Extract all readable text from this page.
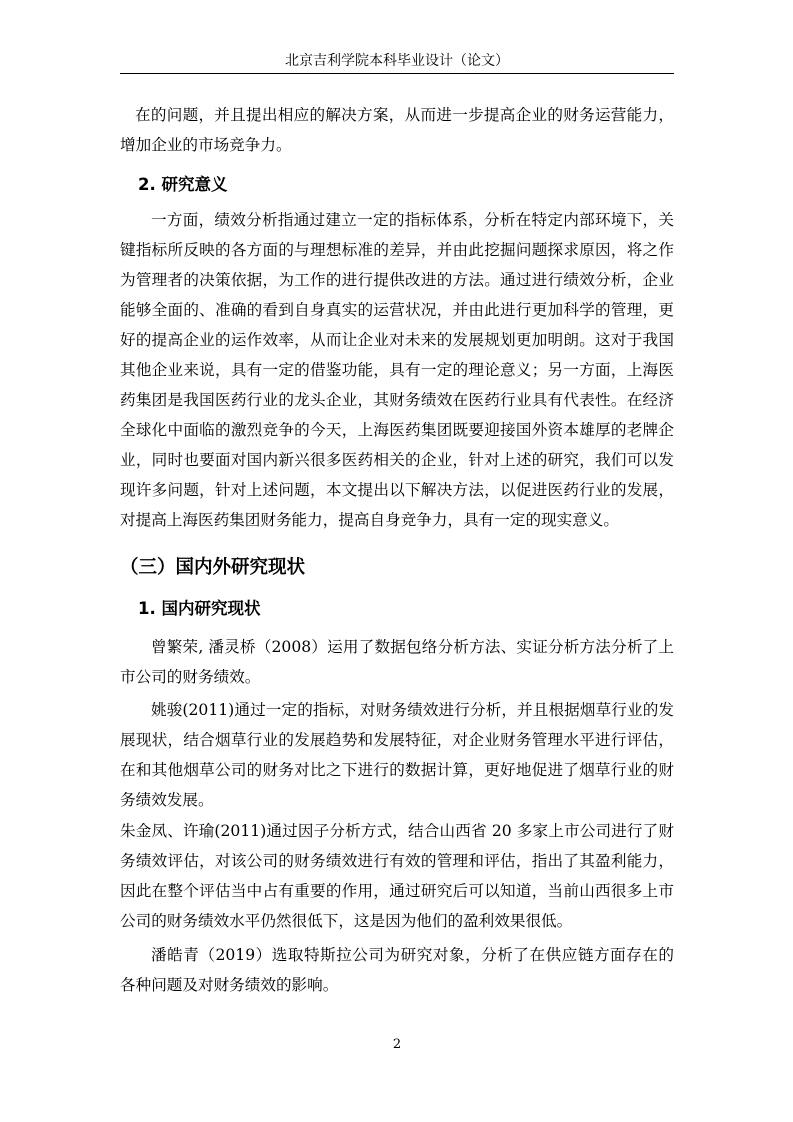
北京吉利学院本科毕业设计（论文）

在的问题，并且提出相应的解决方案，从而进一步提高企业的财务运营能力，增加企业的市场竞争力。

2. 研究意义

一方面，绩效分析指通过建立一定的指标体系，分析在特定内部环境下，关键指标所反映的各方面的与理想标准的差异，并由此挖掘问题探求原因，将之作为管理者的决策依据，为工作的进行提供改进的方法。通过进行绩效分析，企业能够全面的、准确的看到自身真实的运营状况，并由此进行更加科学的管理，更好的提高企业的运作效率，从而让企业对未来的发展规划更加明朗。这对于我国其他企业来说，具有一定的借鉴功能，具有一定的理论意义；另一方面，上海医药集团是我国医药行业的龙头企业，其财务绩效在医药行业具有代表性。在经济全球化中面临的激烈竞争的今天，上海医药集团既要迎接国外资本雄厚的老牌企业，同时也要面对国内新兴很多医药相关的企业，针对上述的研究，我们可以发现许多问题，针对上述问题，本文提出以下解决方法，以促进医药行业的发展，对提高上海医药集团财务能力，提高自身竞争力，具有一定的现实意义。

（三）国内外研究现状
1. 国内研究现状

曾繁荣, 潘灵桥（2008）运用了数据包络分析方法、实证分析方法分析了上市公司的财务绩效。

姚骏(2011)通过一定的指标，对财务绩效进行分析，并且根据烟草行业的发展现状，结合烟草行业的发展趋势和发展特征，对企业财务管理水平进行评估，在和其他烟草公司的财务对比之下进行的数据计算，更好地促进了烟草行业的财务绩效发展。

朱金凤、许瑜(2011)通过因子分析方式，结合山西省 20 多家上市公司进行了财务绩效评估，对该公司的财务绩效进行有效的管理和评估，指出了其盈利能力，因此在整个评估当中占有重要的作用，通过研究后可以知道，当前山西很多上市公司的财务绩效水平仍然很低下，这是因为他们的盈利效果很低。

潘皓青（2019）选取特斯拉公司为研究对象，分析了在供应链方面存在的各种问题及对财务绩效的影响。

2
